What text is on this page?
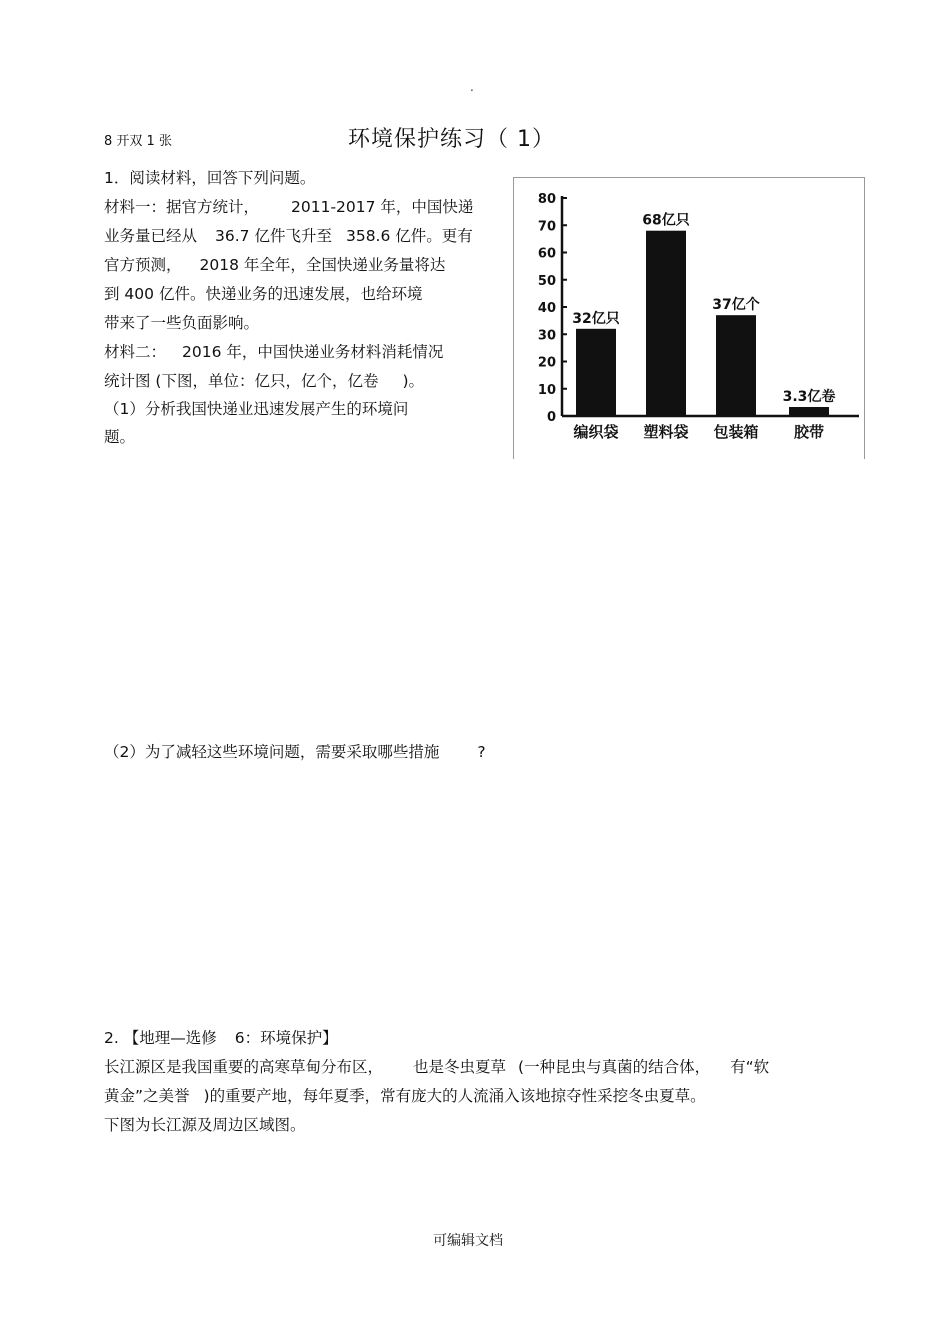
.
8 开双 1 张	环境保护练习（ 1）
1．阅读材料，回答下列问题。
材料一：据官方统计， 2011-2017 年，中国快递
业务量已经从 36.7 亿件飞升至 358.6 亿件。更有
官方预测， 2018 年全年，全国快递业务量将达
到 400 亿件。快递业务的迅速发展，也给环境
带来了一些负面影响。
材料二： 2016 年，中国快递业务材料消耗情况
统计图 (下图，单位：亿只，亿个，亿卷 )。
（1）分析我国快递业迅速发展产生的环境问
题。
0
10
20
30
40
50
60
70
80
32亿只
编织袋
68亿只
塑料袋
37亿个
包装箱
3.3亿卷
胶带
（2）为了减轻这些环境问题，需要采取哪些措施 ?
2. 【地理—选修 6：环境保护】
长江源区是我国重要的高寒草甸分布区， 也是冬虫夏草 (一种昆虫与真菌的结合体， 有“软
黄金”之美誉 )的重要产地，每年夏季，常有庞大的人流涌入该地掠夺性采挖冬虫夏草。
下图为长江源及周边区域图。
可编辑文档
